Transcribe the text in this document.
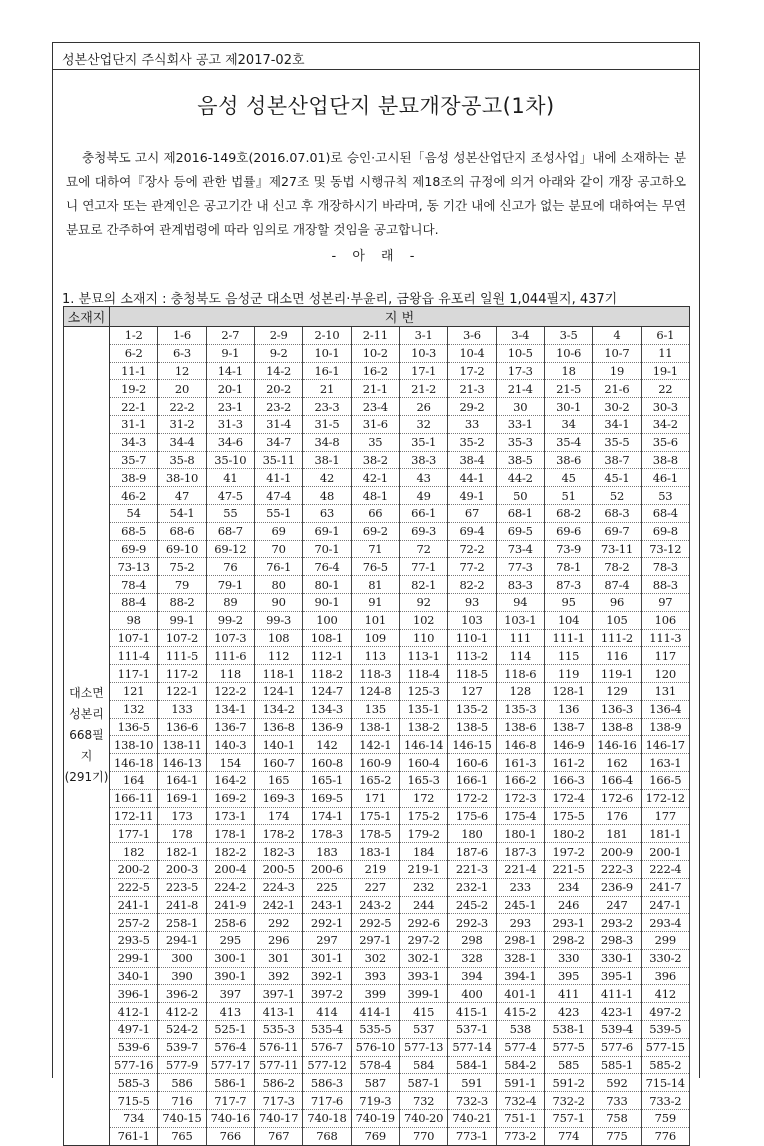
성본산업단지 주식회사 공고 제2017-02호
음성 성본산업단지 분묘개장공고(1차)
충청북도 고시 제2016-149호(2016.07.01)로 승인·고시된「음성 성본산업단지 조성사업」내에 소재하는 분묘에 대하여『장사 등에 관한 법률』제27조 및 동법 시행규칙 제18조의 규정에 의거 아래와 같이 개장 공고하오니 연고자 또는 관계인은 공고기간 내 신고 후 개장하시기 바라며, 동 기간 내에 신고가 없는 분묘에 대하여는 무연분묘로 간주하여 관계법령에 따라 임의로 개장할 것임을 공고합니다.
- 아 래 -
1. 분묘의 소재지 : 충청북도 음성군 대소면 성본리·부윤리, 금왕읍 유포리 일원 1,044필지, 437기
소재지	지 번											

대소면
성본리
668필지
(291기)	1-2	1-6	2-7	2-9	2-10	2-11	3-1	3-6	3-4	3-5	4	6-1
	6-2	6-3	9-1	9-2	10-1	10-2	10-3	10-4	10-5	10-6	10-7	11
	11-1	12	14-1	14-2	16-1	16-2	17-1	17-2	17-3	18	19	19-1
	19-2	20	20-1	20-2	21	21-1	21-2	21-3	21-4	21-5	21-6	22
	22-1	22-2	23-1	23-2	23-3	23-4	26	29-2	30	30-1	30-2	30-3
	31-1	31-2	31-3	31-4	31-5	31-6	32	33	33-1	34	34-1	34-2
	34-3	34-4	34-6	34-7	34-8	35	35-1	35-2	35-3	35-4	35-5	35-6
	35-7	35-8	35-10	35-11	38-1	38-2	38-3	38-4	38-5	38-6	38-7	38-8
	38-9	38-10	41	41-1	42	42-1	43	44-1	44-2	45	45-1	46-1
	46-2	47	47-5	47-4	48	48-1	49	49-1	50	51	52	53
	54	54-1	55	55-1	63	66	66-1	67	68-1	68-2	68-3	68-4
	68-5	68-6	68-7	69	69-1	69-2	69-3	69-4	69-5	69-6	69-7	69-8
	69-9	69-10	69-12	70	70-1	71	72	72-2	73-4	73-9	73-11	73-12
	73-13	75-2	76	76-1	76-4	76-5	77-1	77-2	77-3	78-1	78-2	78-3
	78-4	79	79-1	80	80-1	81	82-1	82-2	83-3	87-3	87-4	88-3
	88-4	88-2	89	90	90-1	91	92	93	94	95	96	97
	98	99-1	99-2	99-3	100	101	102	103	103-1	104	105	106
	107-1	107-2	107-3	108	108-1	109	110	110-1	111	111-1	111-2	111-3
	111-4	111-5	111-6	112	112-1	113	113-1	113-2	114	115	116	117
	117-1	117-2	118	118-1	118-2	118-3	118-4	118-5	118-6	119	119-1	120
	121	122-1	122-2	124-1	124-7	124-8	125-3	127	128	128-1	129	131
	132	133	134-1	134-2	134-3	135	135-1	135-2	135-3	136	136-3	136-4
	136-5	136-6	136-7	136-8	136-9	138-1	138-2	138-5	138-6	138-7	138-8	138-9
	138-10	138-11	140-3	140-1	142	142-1	146-14	146-15	146-8	146-9	146-16	146-17
	146-18	146-13	154	160-7	160-8	160-9	160-4	160-6	161-3	161-2	162	163-1
	164	164-1	164-2	165	165-1	165-2	165-3	166-1	166-2	166-3	166-4	166-5
	166-11	169-1	169-2	169-3	169-5	171	172	172-2	172-3	172-4	172-6	172-12
	172-11	173	173-1	174	174-1	175-1	175-2	175-6	175-4	175-5	176	177
	177-1	178	178-1	178-2	178-3	178-5	179-2	180	180-1	180-2	181	181-1
	182	182-1	182-2	182-3	183	183-1	184	187-6	187-3	197-2	200-9	200-1
	200-2	200-3	200-4	200-5	200-6	219	219-1	221-3	221-4	221-5	222-3	222-4
	222-5	223-5	224-2	224-3	225	227	232	232-1	233	234	236-9	241-7
	241-1	241-8	241-9	242-1	243-1	243-2	244	245-2	245-1	246	247	247-1
	257-2	258-1	258-6	292	292-1	292-5	292-6	292-3	293	293-1	293-2	293-4
	293-5	294-1	295	296	297	297-1	297-2	298	298-1	298-2	298-3	299
	299-1	300	300-1	301	301-1	302	302-1	328	328-1	330	330-1	330-2
	340-1	390	390-1	392	392-1	393	393-1	394	394-1	395	395-1	396
	396-1	396-2	397	397-1	397-2	399	399-1	400	401-1	411	411-1	412
	412-1	412-2	413	413-1	414	414-1	415	415-1	415-2	423	423-1	497-2
	497-1	524-2	525-1	535-3	535-4	535-5	537	537-1	538	538-1	539-4	539-5
	539-6	539-7	576-4	576-11	576-7	576-10	577-13	577-14	577-4	577-5	577-6	577-15
	577-16	577-9	577-17	577-11	577-12	578-4	584	584-1	584-2	585	585-1	585-2
	585-3	586	586-1	586-2	586-3	587	587-1	591	591-1	591-2	592	715-14
	715-5	716	717-7	717-3	717-6	719-3	732	732-3	732-4	732-2	733	733-2
	734	740-15	740-16	740-17	740-18	740-19	740-20	740-21	751-1	757-1	758	759
	761-1	765	766	767	768	769	770	773-1	773-2	774	775	776
